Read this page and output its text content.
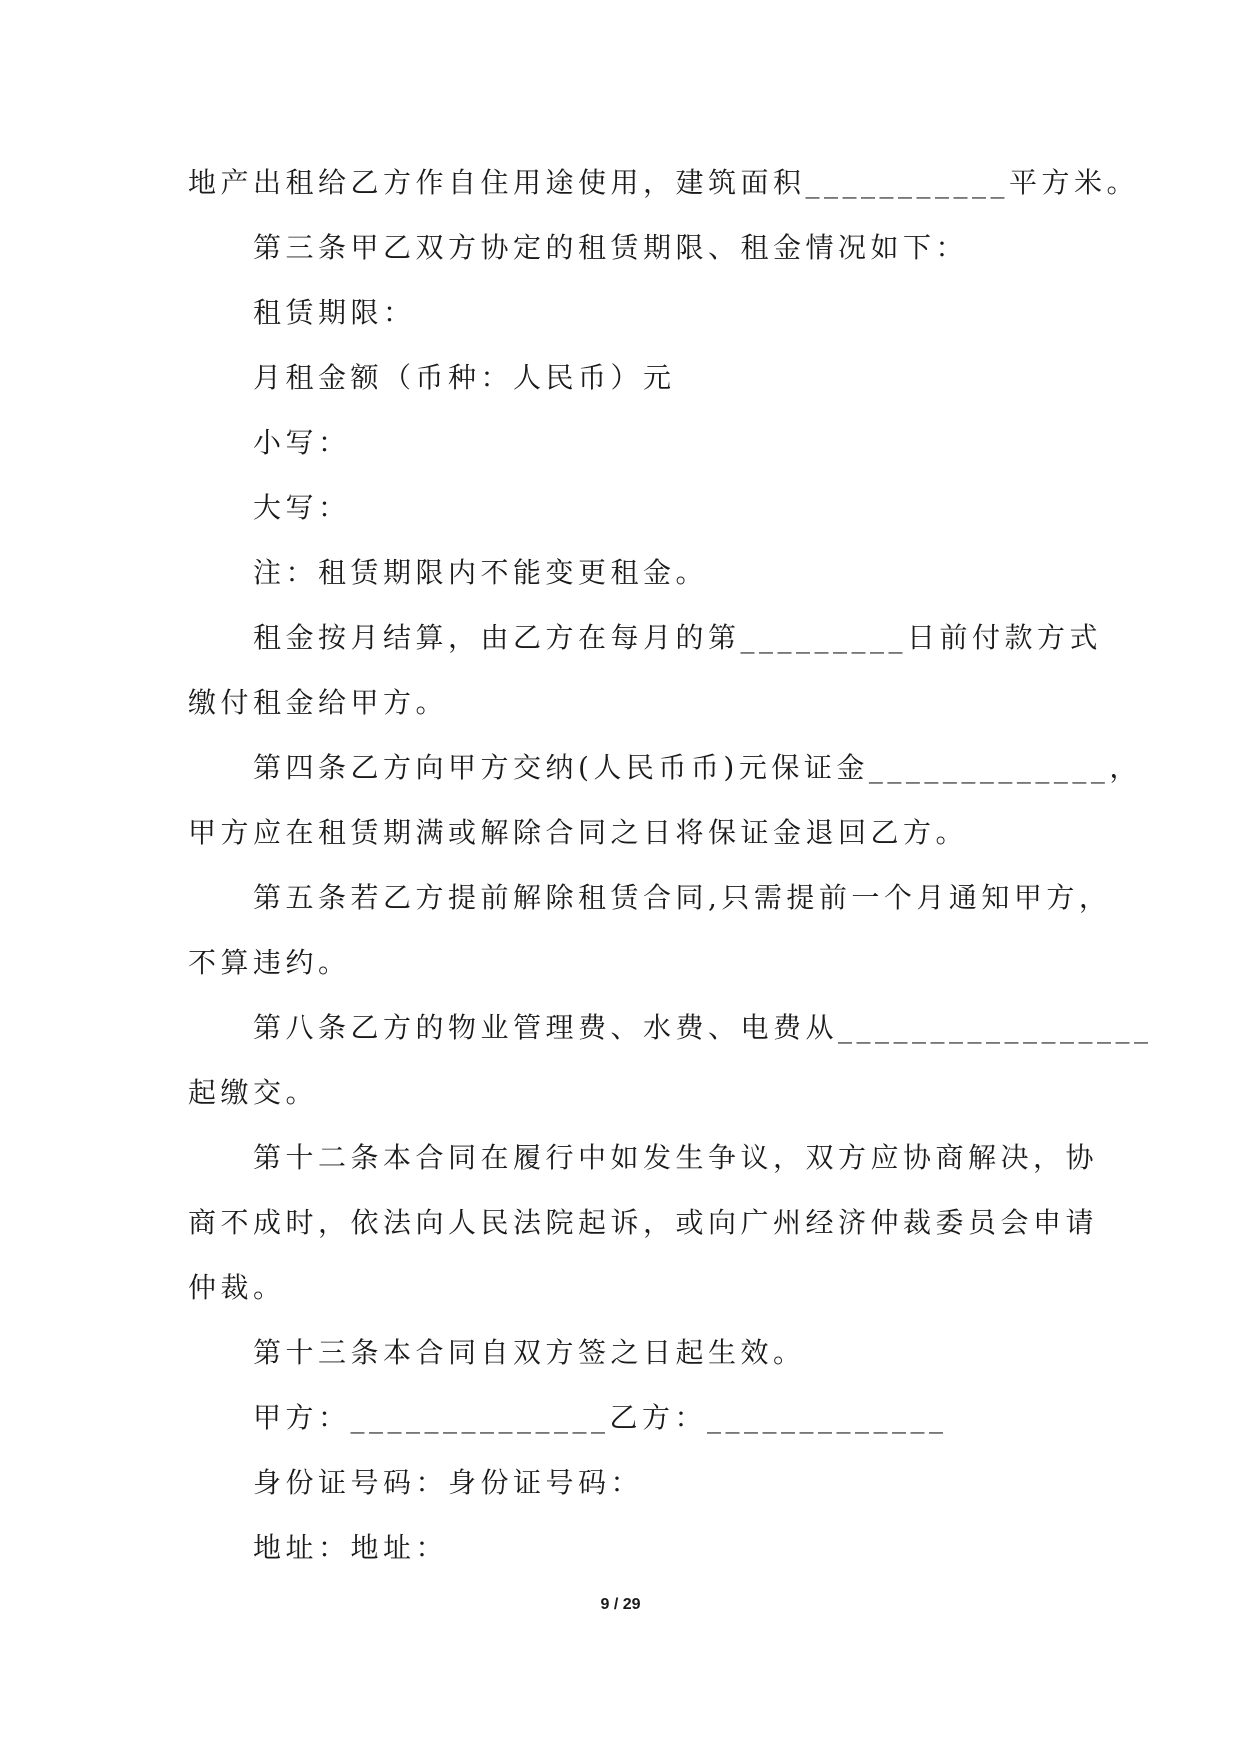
地产出租给乙方作自住用途使用，建筑面积___________平方米。
第三条甲乙双方协定的租赁期限、租金情况如下：
租赁期限：
月租金额（币种：人民币）元
小写：
大写：
注：租赁期限内不能变更租金。
租金按月结算，由乙方在每月的第_________日前付款方式
缴付租金给甲方。
第四条乙方向甲方交纳(人民币币)元保证金_____________，
甲方应在租赁期满或解除合同之日将保证金退回乙方。
第五条若乙方提前解除租赁合同,只需提前一个月通知甲方，
不算违约。
第八条乙方的物业管理费、水费、电费从_________________
起缴交。
第十二条本合同在履行中如发生争议，双方应协商解决，协
商不成时，依法向人民法院起诉，或向广州经济仲裁委员会申请
仲裁。
第十三条本合同自双方签之日起生效。
甲方：______________乙方：_____________
身份证号码：身份证号码：
地址：地址：
9 / 29
